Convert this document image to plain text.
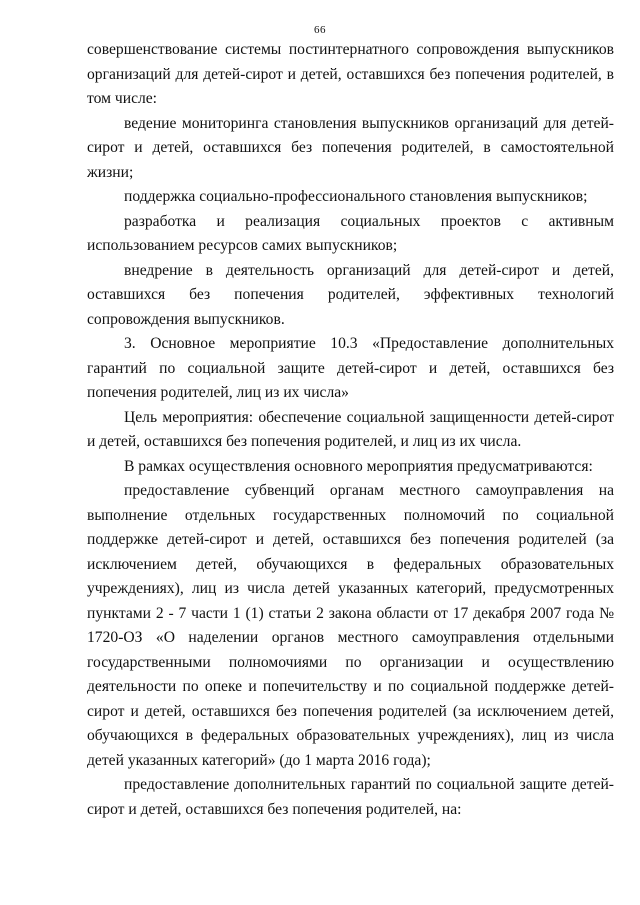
66

совершенствование системы постинтернатного сопровождения выпускников организаций для детей-сирот и детей, оставшихся без попечения родителей, в том числе:

ведение мониторинга становления выпускников организаций для детей-сирот и детей, оставшихся без попечения родителей, в самостоятельной жизни;

поддержка социально-профессионального становления выпускников;

разработка и реализация социальных проектов с активным использованием ресурсов самих выпускников;

внедрение в деятельность организаций для детей-сирот и детей, оставшихся без попечения родителей, эффективных технологий сопровождения выпускников.

3. Основное мероприятие 10.3 «Предоставление дополнительных гарантий по социальной защите детей-сирот и детей, оставшихся без попечения родителей, лиц из их числа»

Цель мероприятия: обеспечение социальной защищенности детей-сирот и детей, оставшихся без попечения родителей, и лиц из их числа.

В рамках осуществления основного мероприятия предусматриваются:

предоставление субвенций органам местного самоуправления на выполнение отдельных государственных полномочий по социальной поддержке детей-сирот и детей, оставшихся без попечения родителей (за исключением детей, обучающихся в федеральных образовательных учреждениях), лиц из числа детей указанных категорий, предусмотренных пунктами 2 - 7 части 1 (1) статьи 2 закона области от 17 декабря 2007 года № 1720-ОЗ «О наделении органов местного самоуправления отдельными государственными полномочиями по организации и осуществлению деятельности по опеке и попечительству и по социальной поддержке детей-сирот и детей, оставшихся без попечения родителей (за исключением детей, обучающихся в федеральных образовательных учреждениях), лиц из числа детей указанных категорий» (до 1 марта 2016 года);

предоставление дополнительных гарантий по социальной защите детей-сирот и детей, оставшихся без попечения родителей, на:
